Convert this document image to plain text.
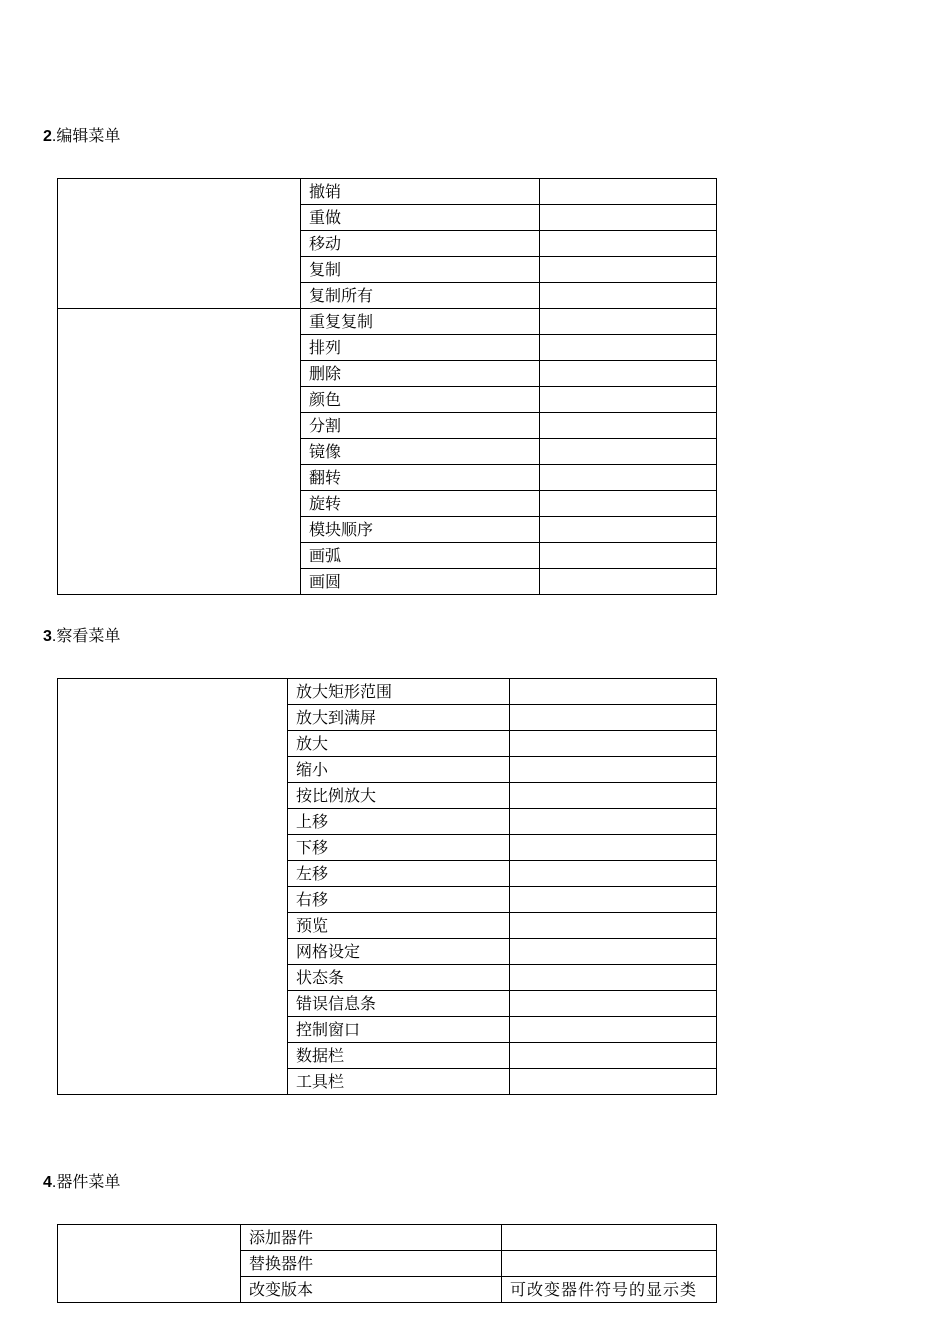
2.编辑菜单
	撤销	
	重做	
	移动	
	复制	
	复制所有	
	重复复制	
	排列	
	删除	
	颜色	
	分割	
	镜像	
	翻转	
	旋转	
	模块顺序	
	画弧	
	画圆	
3.察看菜单
	放大矩形范围	
	放大到满屏	
	放大	
	缩小	
	按比例放大	
	上移	
	下移	
	左移	
	右移	
	预览	
	网格设定	
	状态条	
	错误信息条	
	控制窗口	
	数据栏	
	工具栏	
4.器件菜单
	添加器件	
	替换器件	
	改变版本	可改变器件符号的显示类
